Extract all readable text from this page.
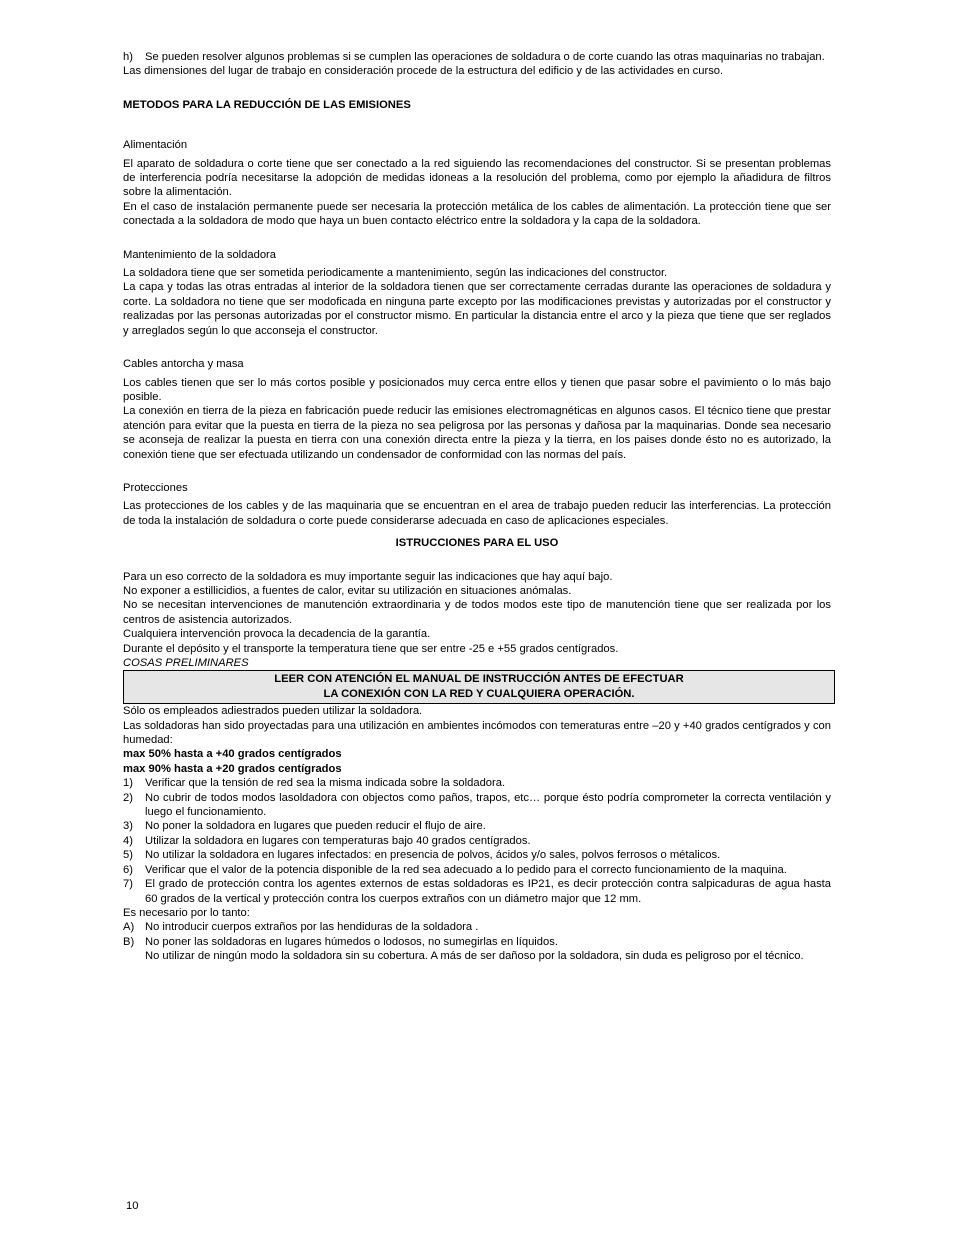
h)	Se pueden resolver algunos problemas si se cumplen las operaciones de soldadura o de corte cuando las otras maquinarias no trabajan.

Las dimensiones del lugar de trabajo en consideración procede de la estructura del edificio y de las actividades en curso.

METODOS PARA LA REDUCCIÓN DE LAS EMISIONES

Alimentación

El aparato de soldadura o corte tiene que ser conectado a la red siguiendo las recomendaciones del constructor. Si se presentan problemas de interferencia podría necesitarse la adopción de medidas idoneas a la resolución del problema, como por ejemplo la añadidura de filtros sobre la alimentación.

En el caso de instalación permanente puede ser necesaria la protección metálica de los cables de alimentación. La protección tiene que ser conectada a la soldadora de modo que haya un buen contacto eléctrico entre la soldadora y la capa de la soldadora.

Mantenimiento de la soldadora

La soldadora tiene que ser sometida periodicamente a mantenimiento, según las indicaciones del constructor.

La capa y todas las otras entradas al interior de la soldadora tienen que ser correctamente cerradas durante las operaciones de soldadura y corte. La soldadora no tiene que ser modoficada en ninguna parte excepto por las modificaciones previstas y autorizadas por el constructor y realizadas por las personas autorizadas por el constructor mismo. En particular la distancia entre el arco y la pieza que tiene que ser reglados y arreglados según lo que acconseja el constructor.

Cables antorcha y masa

Los cables tienen que ser lo más cortos posible y posicionados muy cerca entre ellos y tienen que pasar sobre el pavimiento o lo más bajo posible.

La conexión en tierra de la pieza en fabricación puede reducir las emisiones electromagnéticas en algunos casos. El técnico tiene que prestar atención para evitar que la puesta en tierra de la pieza no sea peligrosa por las personas y dañosa par la maquinarias. Donde sea necesario se aconseja de realizar la puesta en tierra con una conexión directa entre la pieza y la tierra, en los paises donde ésto no es autorizado, la conexión tiene que ser efectuada utilizando un condensador de conformidad con las normas del país.

Protecciones

Las protecciones de los cables y de las maquinaria que se encuentran en el area de trabajo pueden reducir las interferencias. La protección de toda la instalación de soldadura o corte puede considerarse adecuada en caso de aplicaciones especiales.

ISTRUCCIONES PARA EL USO

Para un eso correcto de la soldadora es muy importante seguir las indicaciones que hay aquí bajo.

No exponer a estillicidios, a fuentes de calor, evitar su utilización en situaciones anómalas.

No se necesitan intervenciones de manutención extraordinaria y de todos modos este tipo de manutención tiene que ser realizada por los centros de asistencia autorizados.

Cualquiera intervención provoca la decadencia de la garantía.

Durante el depósito y el transporte la temperatura tiene que ser entre -25 e +55 grados centígrados.

COSAS PRELIMINARES

LEER CON ATENCIÓN EL MANUAL DE INSTRUCCIÓN ANTES DE EFECTUAR
LA CONEXIÓN CON LA RED Y CUALQUIERA OPERACIÓN.

Sólo os empleados adiestrados pueden utilizar la soldadora.

Las soldadoras han sido proyectadas para una utilización en ambientes incómodos con temeraturas entre –20 y +40 grados centígrados y con humedad:

max 50% hasta a +40 grados centígrados

max 90% hasta a +20 grados centígrados

1)	Verificar que la tensión de red sea la misma indicada sobre la soldadora.
2)	No cubrir de todos modos lasoldadora con objectos como paños, trapos, etc… porque ésto podría comprometer la correcta ventilación y luego el funcionamiento.
3)	No poner la soldadora en lugares que pueden reducir el flujo de aire.
4)	Utilizar la soldadora en lugares con temperaturas bajo 40 grados centígrados.
5)	No utilizar la soldadora en lugares infectados: en presencia de polvos, ácidos y/o sales, polvos ferrosos o métalicos.
6)	Verificar que el valor de la potencia disponible de la red sea adecuado a lo pedido para el correcto funcionamiento de la maquina.
7)	El grado de protección contra los agentes externos de estas soldadoras es IP21, es decir protección contra salpicaduras de agua hasta 60 grados de la vertical y protección contra los cuerpos extraños con un diámetro major que 12 mm.

Es necesario por lo tanto:

A) No introducir cuerpos extraños por las hendiduras de la soldadora .
B) No poner las soldadoras en lugares húmedos o lodosos, no sumegirlas en líquidos.
No utilizar de ningún modo la soldadora sin su cobertura. A más de ser dañoso por la soldadora, sin duda es peligroso por el técnico.
10
